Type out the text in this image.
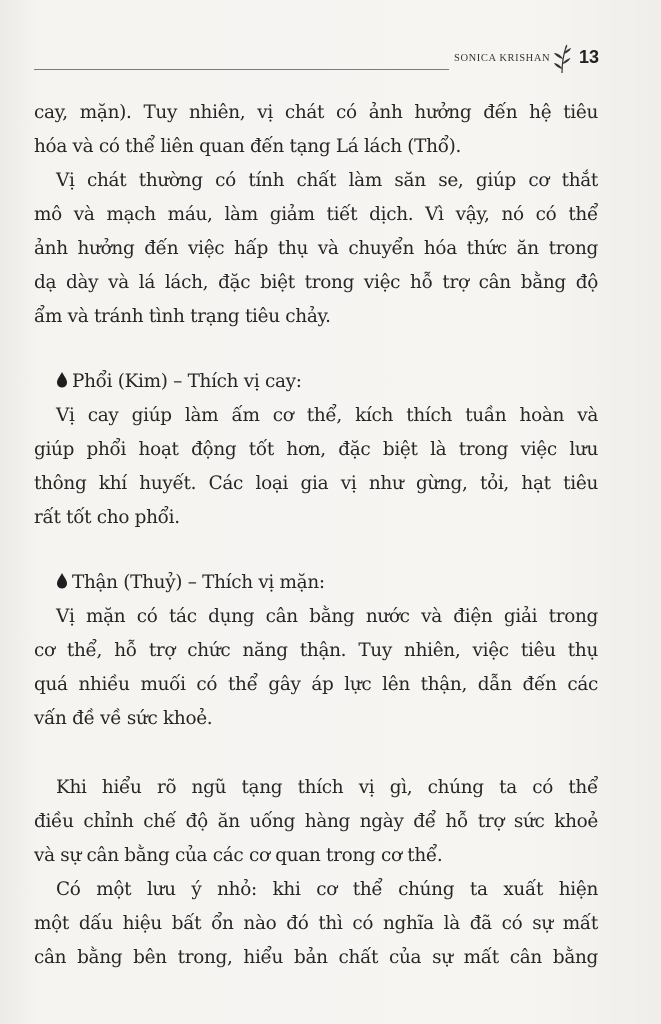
SONICA KRISHAN 13
cay, mặn). Tuy nhiên, vị chát có ảnh hưởng đến hệ tiêu
hóa và có thể liên quan đến tạng Lá lách (Thổ).
Vị chát thường có tính chất làm săn se, giúp cơ thắt
mô và mạch máu, làm giảm tiết dịch. Vì vậy, nó có thể
ảnh hưởng đến việc hấp thụ và chuyển hóa thức ăn trong
dạ dày và lá lách, đặc biệt trong việc hỗ trợ cân bằng độ
ẩm và tránh tình trạng tiêu chảy.
Phổi (Kim) – Thích vị cay:
Vị cay giúp làm ấm cơ thể, kích thích tuần hoàn và
giúp phổi hoạt động tốt hơn, đặc biệt là trong việc lưu
thông khí huyết. Các loại gia vị như gừng, tỏi, hạt tiêu
rất tốt cho phổi.
Thận (Thuỷ) – Thích vị mặn:
Vị mặn có tác dụng cân bằng nước và điện giải trong
cơ thể, hỗ trợ chức năng thận. Tuy nhiên, việc tiêu thụ
quá nhiều muối có thể gây áp lực lên thận, dẫn đến các
vấn đề về sức khoẻ.
Khi hiểu rõ ngũ tạng thích vị gì, chúng ta có thể
điều chỉnh chế độ ăn uống hàng ngày để hỗ trợ sức khoẻ
và sự cân bằng của các cơ quan trong cơ thể.
Có một lưu ý nhỏ: khi cơ thể chúng ta xuất hiện
một dấu hiệu bất ổn nào đó thì có nghĩa là đã có sự mất
cân bằng bên trong, hiểu bản chất của sự mất cân bằng
